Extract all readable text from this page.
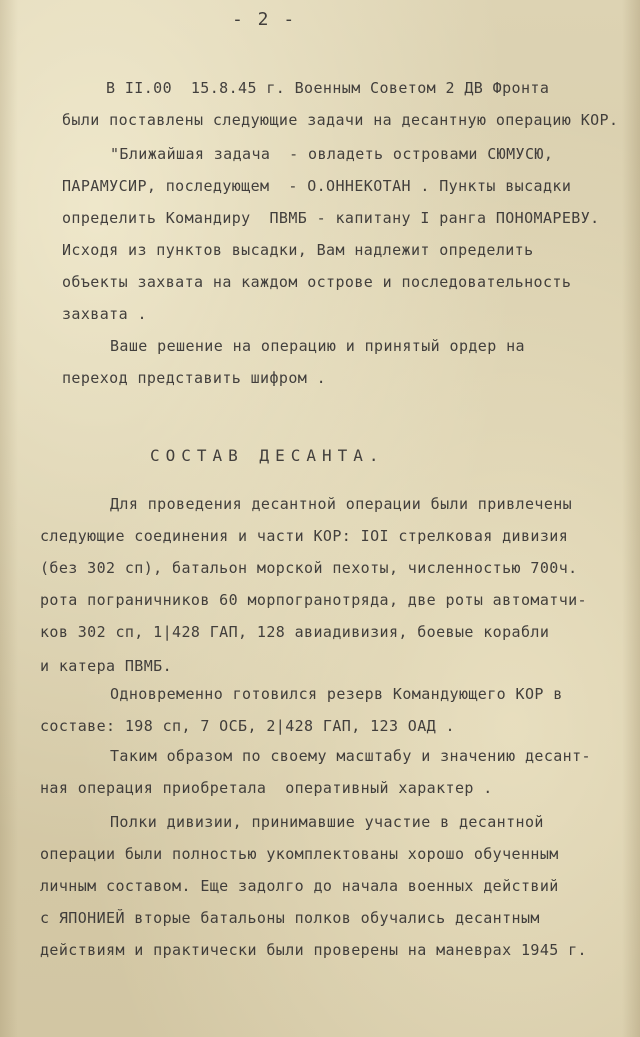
- 2 -

В II.00  15.8.45 г. Военным Советом 2 ДВ Фронта

были поставлены следующие задачи на десантную операцию КОР.

"Ближайшая задача  - овладеть островами СЮМУСЮ,

ПАРАМУСИР, последующем  - О.ОННЕКОТАН . Пункты высадки

определить Командиру  ПВМБ - капитану I ранга ПОНОМАРЕВУ.

Исходя из пунктов высадки, Вам надлежит определить

объекты захвата на каждом острове и последовательность

захвата .

Ваше решение на операцию и принятый ордер на

переход представить шифром .

СОСТАВ ДЕСАНТА.

Для проведения десантной операции были привлечены

следующие соединения и части КОР: IOI стрелковая дивизия

(без 302 сп), батальон морской пехоты, численностью 700ч.

рота пограничников 60 морпогранотряда, две роты автоматчи-

ков 302 сп, 1|428 ГАП, 128 авиадивизия, боевые корабли

и катера ПВМБ.

Одновременно готовился резерв Командующего КОР в

составе: 198 сп, 7 ОСБ, 2|428 ГАП, 123 ОАД .

Таким образом по своему масштабу и значению десант-

ная операция приобретала  оперативный характер .

Полки дивизии, принимавшие участие в десантной

операции были полностью укомплектованы хорошо обученным

личным составом. Еще задолго до начала военных действий

с ЯПОНИЕЙ вторые батальоны полков обучались десантным

действиям и практически были проверены на маневрах 1945 г.
